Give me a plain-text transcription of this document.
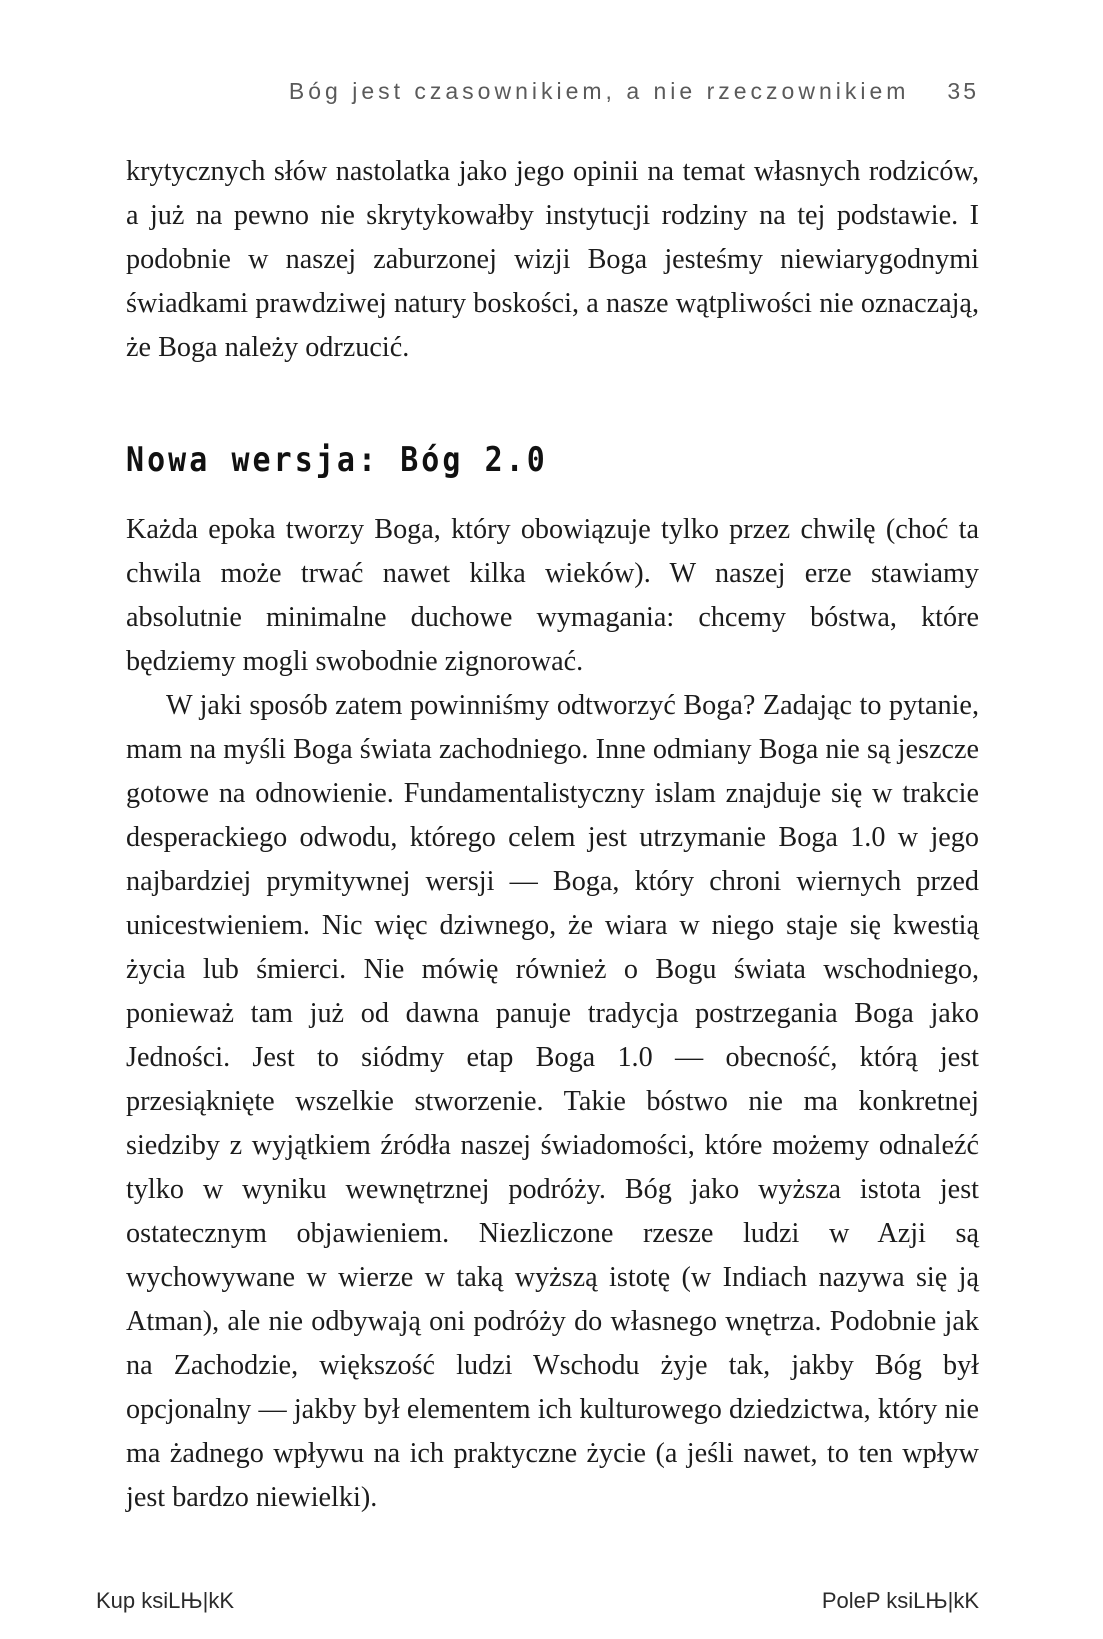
Bóg jest czasownikiem, a nie rzeczownikiem 35

krytycznych słów nastolatka jako jego opinii na temat własnych rodziców, a już na pewno nie skrytykowałby instytucji rodziny na tej podstawie. I podobnie w naszej zaburzonej wizji Boga jesteśmy niewiarygodnymi świadkami prawdziwej natury boskości, a nasze wątpliwości nie oznaczają, że Boga należy odrzucić.

Nowa wersja: Bóg 2.0

Każda epoka tworzy Boga, który obowiązuje tylko przez chwilę (choć ta chwila może trwać nawet kilka wieków). W naszej erze stawiamy absolutnie minimalne duchowe wymagania: chcemy bóstwa, które będziemy mogli swobodnie zignorować.

W jaki sposób zatem powinniśmy odtworzyć Boga? Zadając to pytanie, mam na myśli Boga świata zachodniego. Inne odmiany Boga nie są jeszcze gotowe na odnowienie. Fundamentalistyczny islam znajduje się w trakcie desperackiego odwodu, którego celem jest utrzymanie Boga 1.0 w jego najbardziej prymitywnej wersji — Boga, który chroni wiernych przed unicestwieniem. Nic więc dziwnego, że wiara w niego staje się kwestią życia lub śmierci. Nie mówię również o Bogu świata wschodniego, ponieważ tam już od dawna panuje tradycja postrzegania Boga jako Jedności. Jest to siódmy etap Boga 1.0 — obecność, którą jest przesiąknięte wszelkie stworzenie. Takie bóstwo nie ma konkretnej siedziby z wyjątkiem źródła naszej świadomości, które możemy odnaleźć tylko w wyniku wewnętrznej podróży. Bóg jako wyższa istota jest ostatecznym objawieniem. Niezliczone rzesze ludzi w Azji są wychowywane w wierze w taką wyższą istotę (w Indiach nazywa się ją Atman), ale nie odbywają oni podróży do własnego wnętrza. Podobnie jak na Zachodzie, większość ludzi Wschodu żyje tak, jakby Bóg był opcjonalny — jakby był elementem ich kulturowego dziedzictwa, który nie ma żadnego wpływu na ich praktyczne życie (a jeśli nawet, to ten wpływ jest bardzo niewielki).

Kup ksiLЊ|kK	PoleP ksiLЊ|kK
